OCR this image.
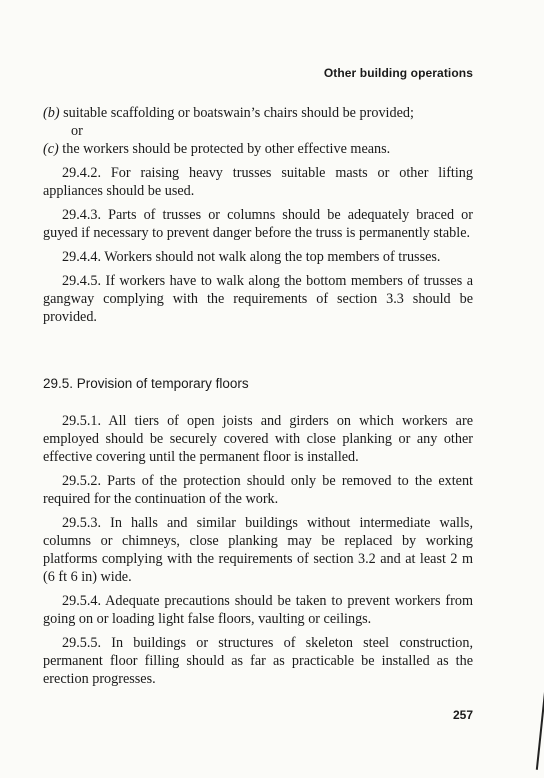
Other building operations

(b) suitable scaffolding or boatswain’s chairs should be provided;

or

(c) the workers should be protected by other effective means.

29.4.2. For raising heavy trusses suitable masts or other lifting appliances should be used.

29.4.3. Parts of trusses or columns should be adequately braced or guyed if necessary to prevent danger before the truss is permanently stable.

29.4.4. Workers should not walk along the top members of trusses.

29.4.5. If workers have to walk along the bottom members of trusses a gangway complying with the requirements of section 3.3 should be provided.

29.5. Provision of temporary floors

29.5.1. All tiers of open joists and girders on which workers are employed should be securely covered with close planking or any other effective covering until the permanent floor is installed.

29.5.2. Parts of the protection should only be removed to the extent required for the continuation of the work.

29.5.3. In halls and similar buildings without intermediate walls, columns or chimneys, close planking may be replaced by working platforms complying with the requirements of section 3.2 and at least 2 m (6 ft 6 in) wide.

29.5.4. Adequate precautions should be taken to prevent workers from going on or loading light false floors, vaulting or ceilings.

29.5.5. In buildings or structures of skeleton steel construction, permanent floor filling should as far as practicable be installed as the erection progresses.

257
